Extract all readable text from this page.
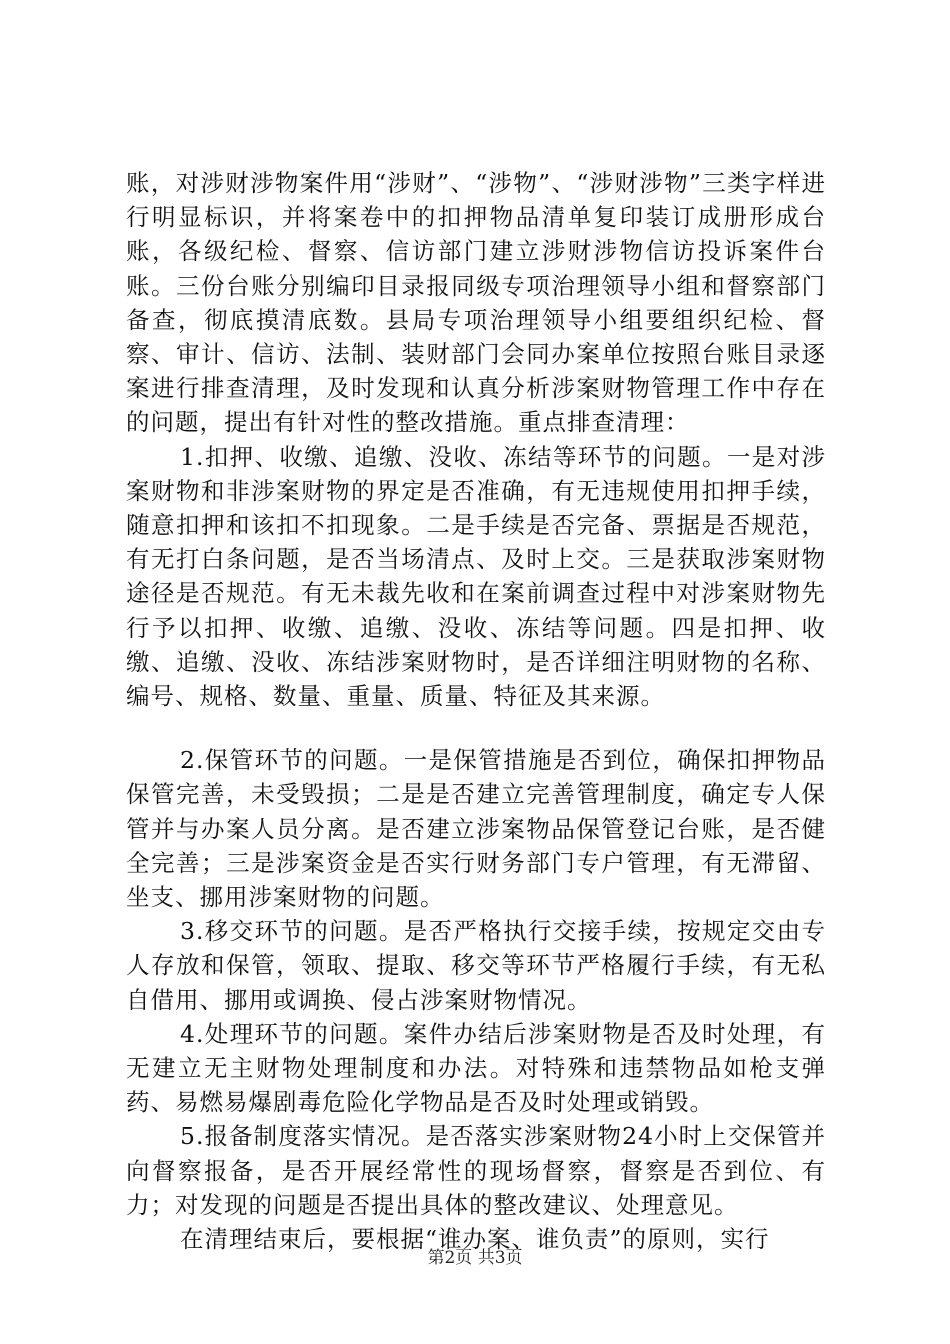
账，对涉财涉物案件用“涉财”、“涉物”、“涉财涉物”三类字样进行明显标识，并将案卷中的扣押物品清单复印装订成册形成台账，各级纪检、督察、信访部门建立涉财涉物信访投诉案件台账。三份台账分别编印目录报同级专项治理领导小组和督察部门备查，彻底摸清底数。县局专项治理领导小组要组织纪检、督察、审计、信访、法制、装财部门会同办案单位按照台账目录逐案进行排查清理，及时发现和认真分析涉案财物管理工作中存在的问题，提出有针对性的整改措施。重点排查清理：

1.扣押、收缴、追缴、没收、冻结等环节的问题。一是对涉案财物和非涉案财物的界定是否准确，有无违规使用扣押手续，随意扣押和该扣不扣现象。二是手续是否完备、票据是否规范，有无打白条问题，是否当场清点、及时上交。三是获取涉案财物途径是否规范。有无未裁先收和在案前调查过程中对涉案财物先行予以扣押、收缴、追缴、没收、冻结等问题。四是扣押、收缴、追缴、没收、冻结涉案财物时，是否详细注明财物的名称、编号、规格、数量、重量、质量、特征及其来源。

2.保管环节的问题。一是保管措施是否到位，确保扣押物品保管完善，未受毁损；二是是否建立完善管理制度，确定专人保管并与办案人员分离。是否建立涉案物品保管登记台账，是否健全完善；三是涉案资金是否实行财务部门专户管理，有无滞留、坐支、挪用涉案财物的问题。

3.移交环节的问题。是否严格执行交接手续，按规定交由专人存放和保管，领取、提取、移交等环节严格履行手续，有无私自借用、挪用或调换、侵占涉案财物情况。

4.处理环节的问题。案件办结后涉案财物是否及时处理，有无建立无主财物处理制度和办法。对特殊和违禁物品如枪支弹药、易燃易爆剧毒危险化学物品是否及时处理或销毁。

5.报备制度落实情况。是否落实涉案财物24小时上交保管并向督察报备，是否开展经常性的现场督察，督察是否到位、有力；对发现的问题是否提出具体的整改建议、处理意见。

在清理结束后，要根据“谁办案、谁负责”的原则，实行

第2页 共3页
